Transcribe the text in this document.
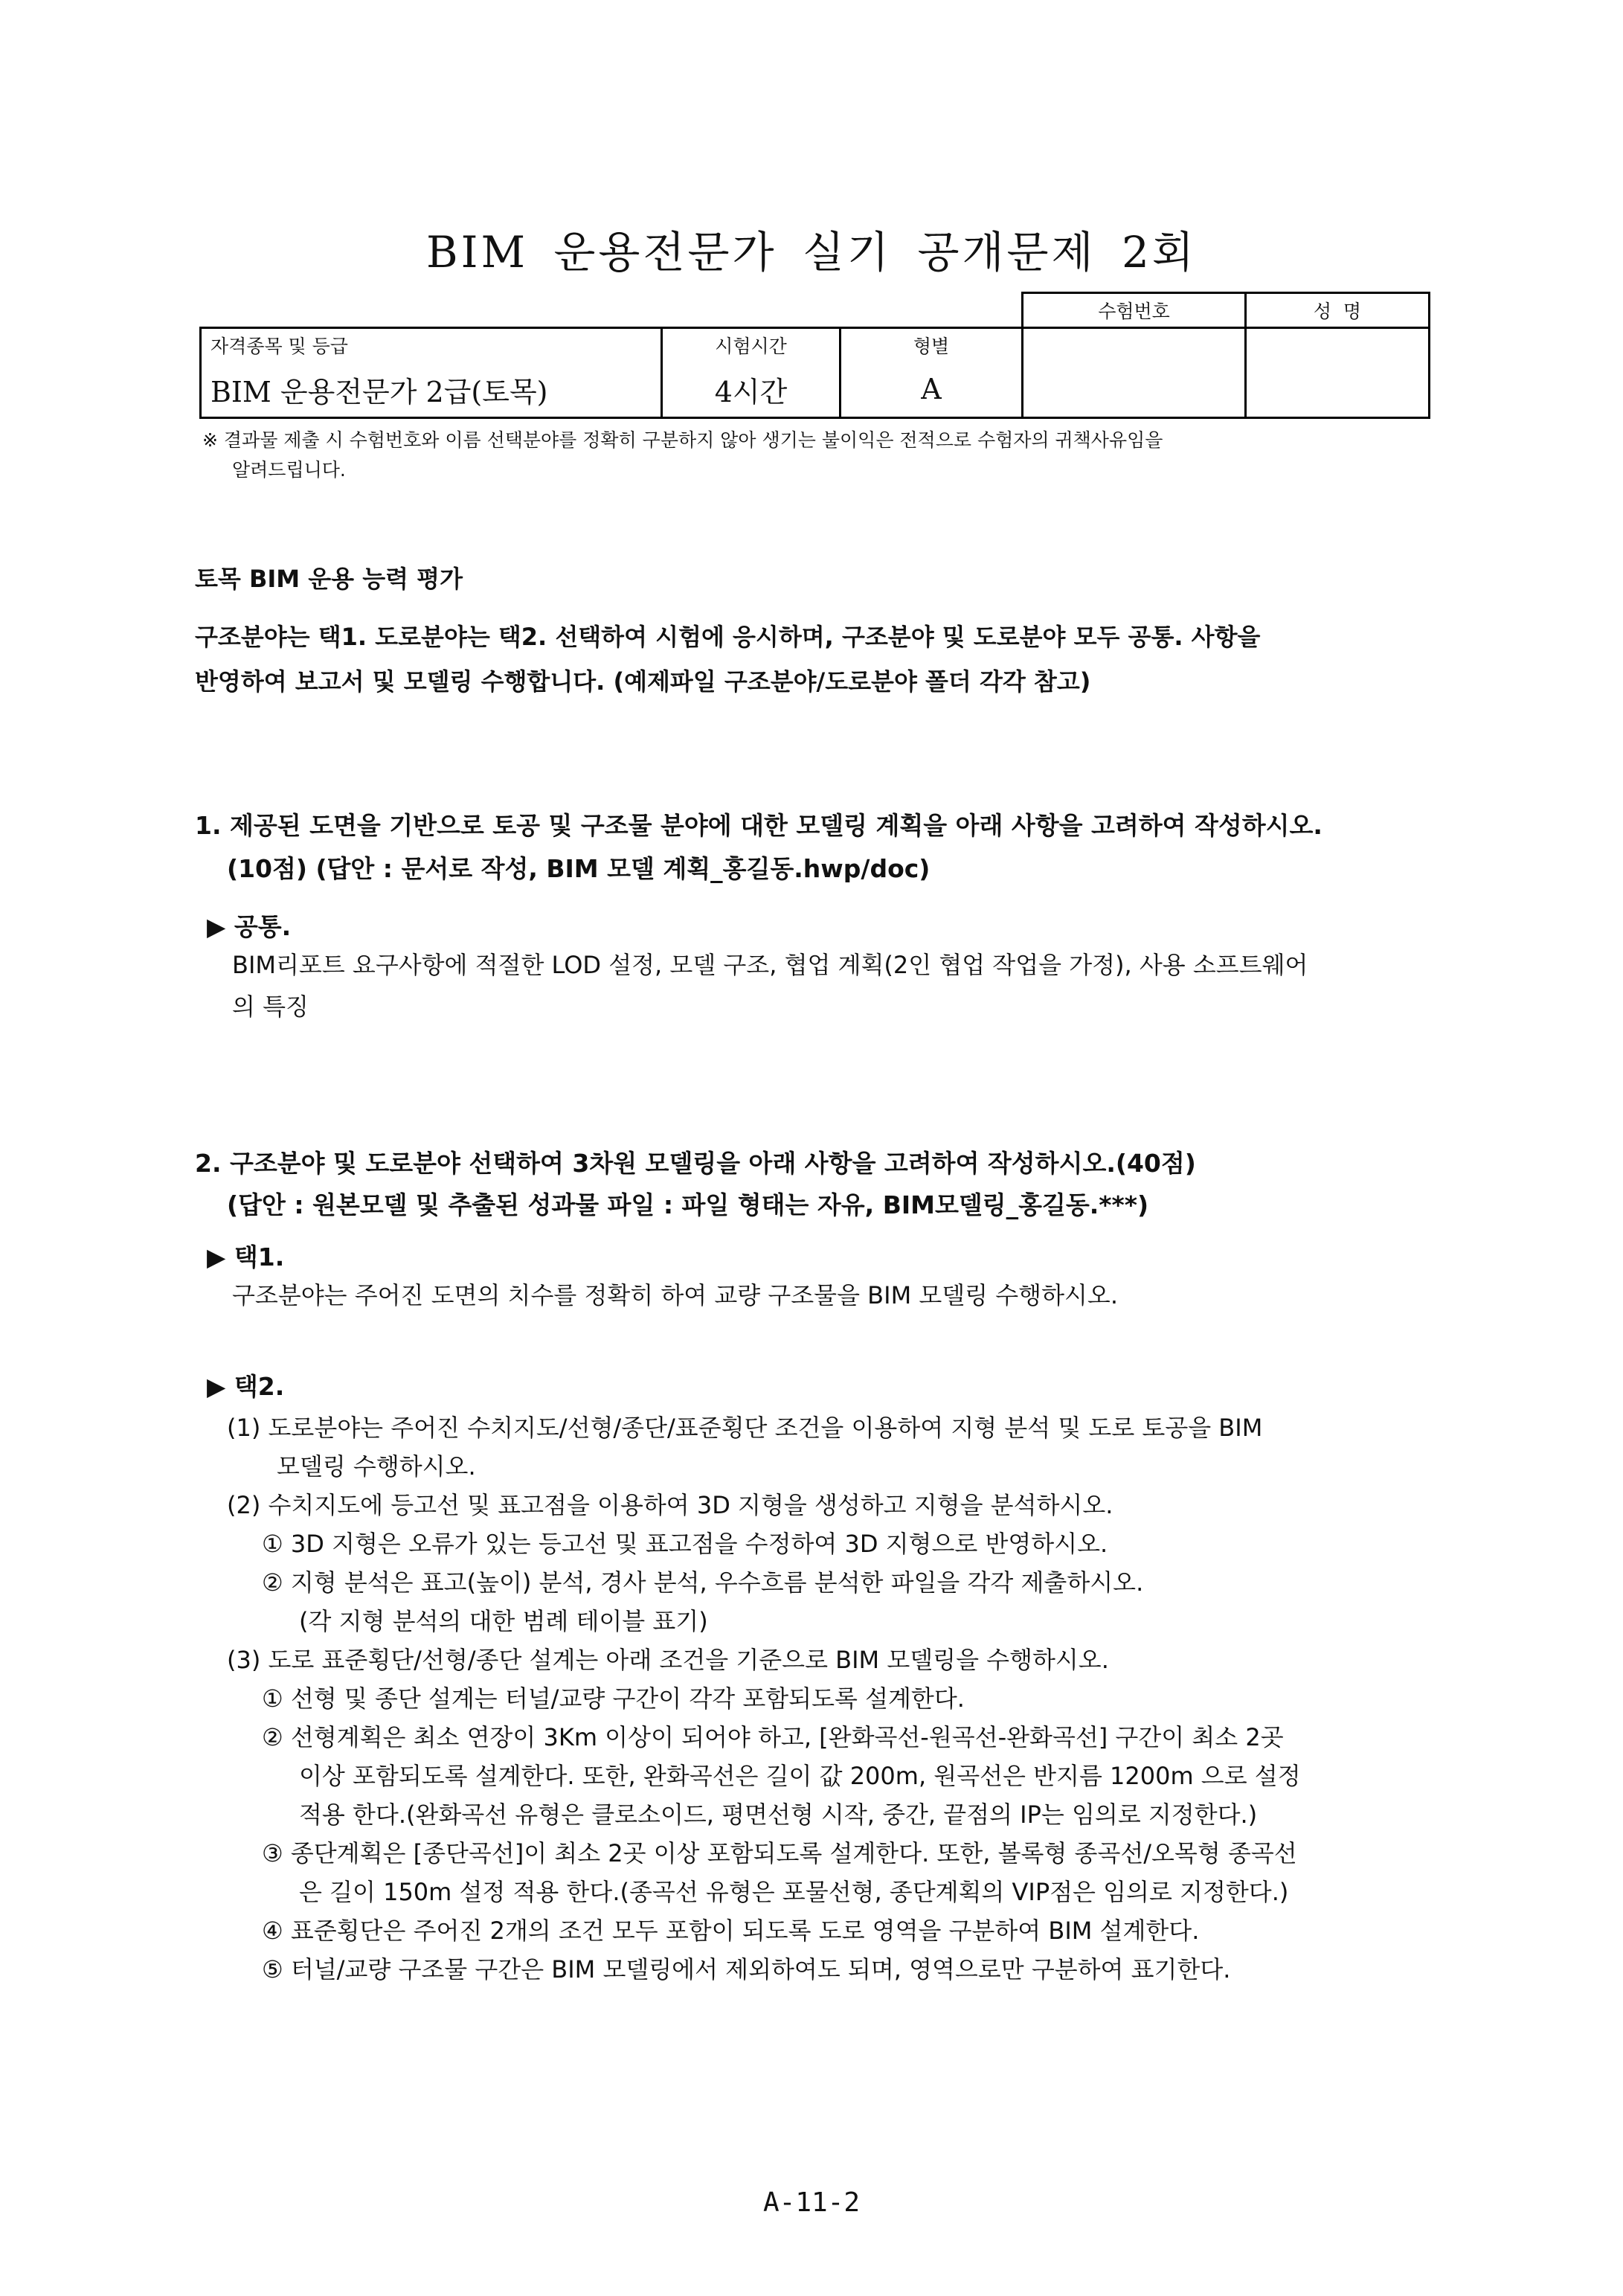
BIM 운용전문가 실기 공개문제 2회
			수험번호	성  명
자격종목 및 등급	시험시간	형별		
BIM 운용전문가 2급(토목)	4시간	A		
※ 결과물 제출 시 수험번호와 이름 선택분야를 정확히 구분하지 않아 생기는 불이익은 전적으로 수험자의 귀책사유임을
알려드립니다.
토목 BIM 운용 능력 평가
구조분야는 택1. 도로분야는 택2. 선택하여 시험에 응시하며, 구조분야 및 도로분야 모두 공통. 사항을
반영하여 보고서 및 모델링 수행합니다. (예제파일 구조분야/도로분야 폴더 각각 참고)
1. 제공된 도면을 기반으로 토공 및 구조물 분야에 대한 모델링 계획을 아래 사항을 고려하여 작성하시오.
(10점) (답안 : 문서로 작성, BIM 모델 계획_홍길동.hwp/doc)
▶ 공통.
BIM리포트 요구사항에 적절한 LOD 설정, 모델 구조, 협업 계획(2인 협업 작업을 가정), 사용 소프트웨어
의 특징
2. 구조분야 및 도로분야 선택하여 3차원 모델링을 아래 사항을 고려하여 작성하시오.(40점)
(답안 : 원본모델 및 추출된 성과물 파일 : 파일 형태는 자유, BIM모델링_홍길동.***)
▶ 택1.
구조분야는 주어진 도면의 치수를 정확히 하여 교량 구조물을 BIM 모델링 수행하시오.
▶ 택2.
(1) 도로분야는 주어진 수치지도/선형/종단/표준횡단 조건을 이용하여 지형 분석 및 도로 토공을 BIM
모델링 수행하시오.
(2) 수치지도에 등고선 및 표고점을 이용하여 3D 지형을 생성하고 지형을 분석하시오.
① 3D 지형은 오류가 있는 등고선 및 표고점을 수정하여 3D 지형으로 반영하시오.
② 지형 분석은 표고(높이) 분석, 경사 분석, 우수흐름 분석한 파일을 각각 제출하시오.
(각 지형 분석의 대한 범례 테이블 표기)
(3) 도로 표준횡단/선형/종단 설계는 아래 조건을 기준으로 BIM 모델링을 수행하시오.
① 선형 및 종단 설계는 터널/교량 구간이 각각 포함되도록 설계한다.
② 선형계획은 최소 연장이 3Km 이상이 되어야 하고, [완화곡선-원곡선-완화곡선] 구간이 최소 2곳
이상 포함되도록 설계한다. 또한, 완화곡선은 길이 값 200m, 원곡선은 반지름 1200m 으로 설정
적용 한다.(완화곡선 유형은 클로소이드, 평면선형 시작, 중간, 끝점의 IP는 임의로 지정한다.)
③ 종단계획은 [종단곡선]이 최소 2곳 이상 포함되도록 설계한다. 또한, 볼록형 종곡선/오목형 종곡선
은 길이 150m 설정 적용 한다.(종곡선 유형은 포물선형, 종단계획의 VIP점은 임의로 지정한다.)
④ 표준횡단은 주어진 2개의 조건 모두 포함이 되도록 도로 영역을 구분하여 BIM 설계한다.
⑤ 터널/교량 구조물 구간은 BIM 모델링에서 제외하여도 되며, 영역으로만 구분하여 표기한다.
A-11-2
